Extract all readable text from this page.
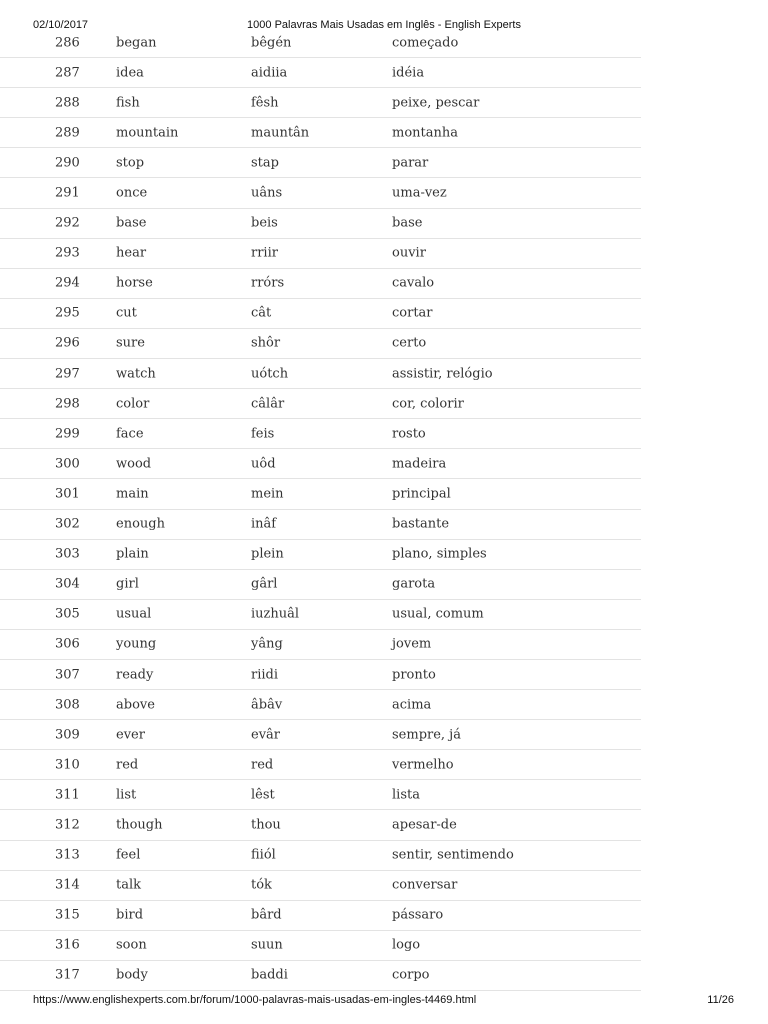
02/10/2017	1000 Palavras Mais Usadas em Inglês - English Experts
286	began	bêgén	começado
287	idea	aidiia	idéia
288	fish	fêsh	peixe, pescar
289	mountain	mauntân	montanha
290	stop	stap	parar
291	once	uâns	uma-vez
292	base	beis	base
293	hear	rriir	ouvir
294	horse	rrórs	cavalo
295	cut	cât	cortar
296	sure	shôr	certo
297	watch	uótch	assistir, relógio
298	color	câlâr	cor, colorir
299	face	feis	rosto
300	wood	uôd	madeira
301	main	mein	principal
302	enough	inâf	bastante
303	plain	plein	plano, simples
304	girl	gârl	garota
305	usual	iuzhuâl	usual, comum
306	young	yâng	jovem
307	ready	riidi	pronto
308	above	âbâv	acima
309	ever	evâr	sempre, já
310	red	red	vermelho
311	list	lêst	lista
312	though	thou	apesar-de
313	feel	fiiól	sentir, sentimendo
314	talk	tók	conversar
315	bird	bârd	pássaro
316	soon	suun	logo
317	body	baddi	corpo
https://www.englishexperts.com.br/forum/1000-palavras-mais-usadas-em-ingles-t4469.html	11/26
